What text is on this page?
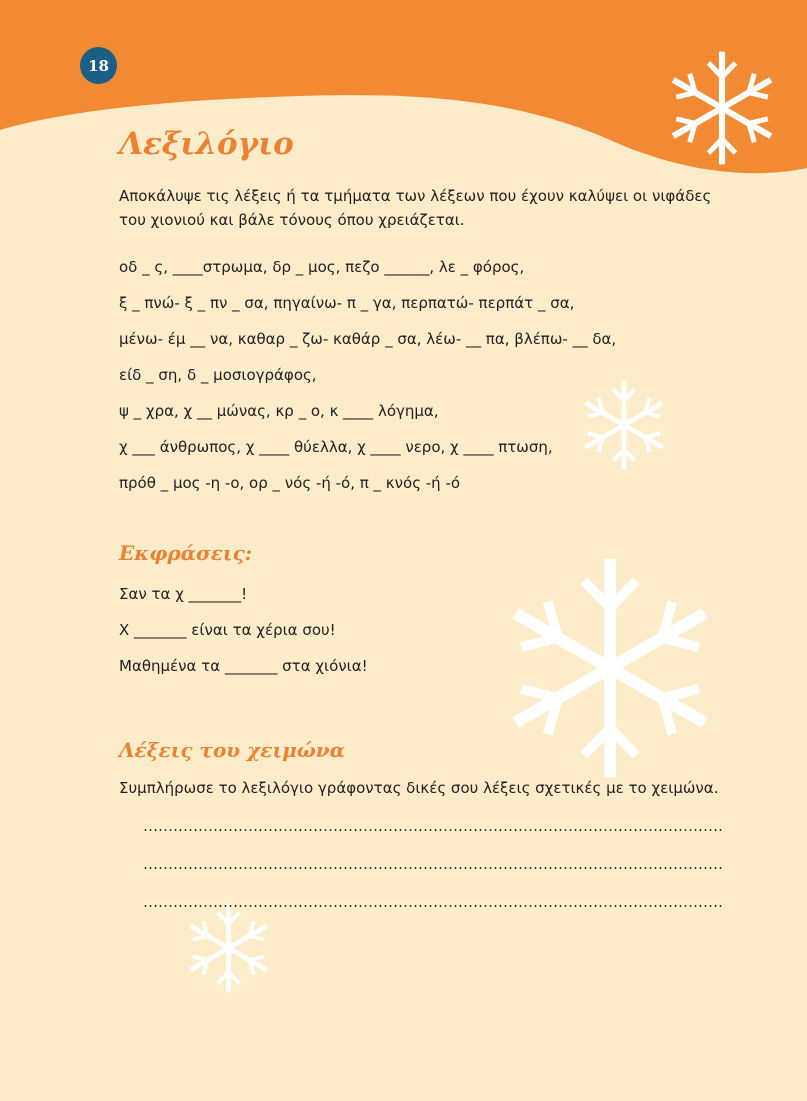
18
Λεξιλόγιο
Αποκάλυψε τις λέξεις ή τα τμήματα των λέξεων που έχουν καλύψει οι νιφάδες του χιονιού και βάλε τόνους όπου χρειάζεται.
οδ _ ς, ____στρωμα, δρ _ μος, πεζο ______, λε _ φόρος,
ξ _ πνώ- ξ _ πν _ σα, πηγαίνω- π _ γα, περπατώ- περπάτ _ σα,
μένω- έμ __ να, καθαρ _ ζω- καθάρ _ σα, λέω- __ πα, βλέπω- __ δα,
είδ _ ση, δ _ μοσιογράφος,
ψ _ χρα, χ __ μώνας, κρ _ ο, κ ____ λόγημα,
χ ___ άνθρωπος, χ ____ θύελλα, χ ____ νερο, χ ____ πτωση,
πρόθ _ μος -η -ο, ορ _ νός -ή -ό, π _ κνός -ή -ό
Εκφράσεις:
Σαν τα χ _______!
Χ _______ είναι τα χέρια σου!
Μαθημένα τα _______ στα χιόνια!
Λέξεις του χειμώνα
Συμπλήρωσε το λεξιλόγιο γράφοντας δικές σου λέξεις σχετικές με το χειμώνα.
